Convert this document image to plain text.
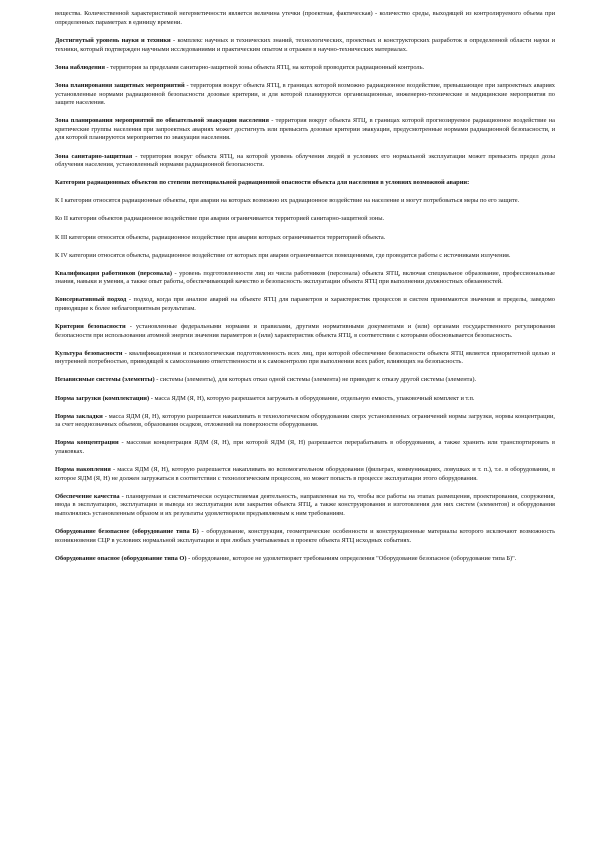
вещества. Количественной характеристикой негерметичности является величина утечки (проектная, фактическая) - количество среды, выходящей из контролируемого объема при определенных параметрах в единицу времени.

Достигнутый уровень науки и техники - комплекс научных и технических знаний, технологических, проектных и конструкторских разработок в определенной области науки и техники, который подтвержден научными исследованиями и практическим опытом и отражен в научно-технических материалах.

Зона наблюдения - территория за пределами санитарно-защитной зоны объекта ЯТЦ, на которой проводится радиационный контроль.

Зона планирования защитных мероприятий - территория вокруг объекта ЯТЦ, в границах которой возможно радиационное воздействие, превышающее при запроектных авариях установленные нормами радиационной безопасности дозовые критерии, и для которой планируются организационные, инженерно-технические и медицинские мероприятия по защите населения.

Зона планирования мероприятий по обязательной эвакуации населения - территория вокруг объекта ЯТЦ, в границах которой прогнозируемое радиационное воздействие на критические группы населения при запроектных авариях может достигнуть или превысить дозовые критерии эвакуации, предусмотренные нормами радиационной безопасности, и для которой планируются мероприятия по эвакуации населения.

Зона санитарно-защитная - территория вокруг объекта ЯТЦ, на которой уровень облучения людей в условиях его нормальной эксплуатации может превысить предел дозы облучения населения, установленный нормами радиационной безопасности.

Категории радиационных объектов по степени потенциальной радиационной опасности объекта для населения в условиях возможной аварии:

К I категории относятся радиационные объекты, при аварии на которых возможно их радиационное воздействие на население и могут потребоваться меры по его защите.

Ко II категории объектов радиационное воздействие при аварии ограничивается территорией санитарно-защитной зоны.

К III категории относятся объекты, радиационное воздействие при аварии которых ограничивается территорией объекта.

К IV категории относятся объекты, радиационное воздействие от которых при аварии ограничивается помещениями, где проводятся работы с источниками излучения.

Квалификация работников (персонала) - уровень подготовленности лиц из числа работников (персонала) объекта ЯТЦ, включая специальное образование, профессиональные знания, навыки и умения, а также опыт работы, обеспечивающий качество и безопасность эксплуатации объекта ЯТЦ при выполнении должностных обязанностей.

Консервативный подход - подход, когда при анализе аварий на объекте ЯТЦ для параметров и характеристик процессов и систем принимаются значения и пределы, заведомо приводящие к более неблагоприятным результатам.

Критерии безопасности - установленные федеральными нормами и правилами, другими нормативными документами и (или) органами государственного регулирования безопасности при использовании атомной энергии значения параметров и (или) характеристик объекта ЯТЦ, в соответствии с которыми обосновывается безопасность.

Культура безопасности - квалификационная и психологическая подготовленность всех лиц, при которой обеспечение безопасности объекта ЯТЦ является приоритетной целью и внутренней потребностью, приводящей к самосознанию ответственности и к самоконтролю при выполнении всех работ, влияющих на безопасность.

Независимые системы (элементы) - системы (элементы), для которых отказ одной системы (элемента) не приводит к отказу другой системы (элемента).

Норма загрузки (комплектации) - масса ЯДМ (Я, Н), которую разрешается загружать в оборудование, отдельную емкость, упаковочный комплект и т.п.

Норма закладки - масса ЯДМ (Я, Н), которую разрешается накапливать в технологическом оборудовании сверх установленных ограничений нормы загрузки, нормы концентрации, за счет неоднозначных объемов, образования осадков, отложений на поверхности оборудования.

Норма концентрации - массовая концентрация ЯДМ (Я, Н), при которой ЯДМ (Я, Н) разрешается перерабатывать в оборудовании, а также хранить или транспортировать в упаковках.

Норма накопления - масса ЯДМ (Я, Н), которую разрешается накапливать во вспомогательном оборудовании (фильтрах, коммуникациях, ловушках и т. п.), т.е. в оборудовании, в которое ЯДМ (Я, Н) не должен загружаться в соответствии с технологическим процессом, но может попасть в процессе эксплуатации этого оборудования.

Обеспечение качества - планируемая и систематически осуществляемая деятельность, направленная на то, чтобы все работы на этапах размещения, проектирования, сооружения, ввода в эксплуатацию, эксплуатации и вывода из эксплуатации или закрытия объекта ЯТЦ, а также конструирования и изготовления для них систем (элементов) и оборудования выполнялись установленным образом и их результаты удовлетворяли предъявляемым к ним требованиям.

Оборудование безопасное (оборудование типа Б) - оборудование, конструкция, геометрические особенности и конструкционные материалы которого исключают возможность возникновения СЦР в условиях нормальной эксплуатации и при любых учитываемых в проекте объекта ЯТЦ исходных событиях.

Оборудование опасное (оборудование типа О) - оборудование, которое не удовлетворяет требованиям определения "Оборудование безопасное (оборудование типа Б)".
